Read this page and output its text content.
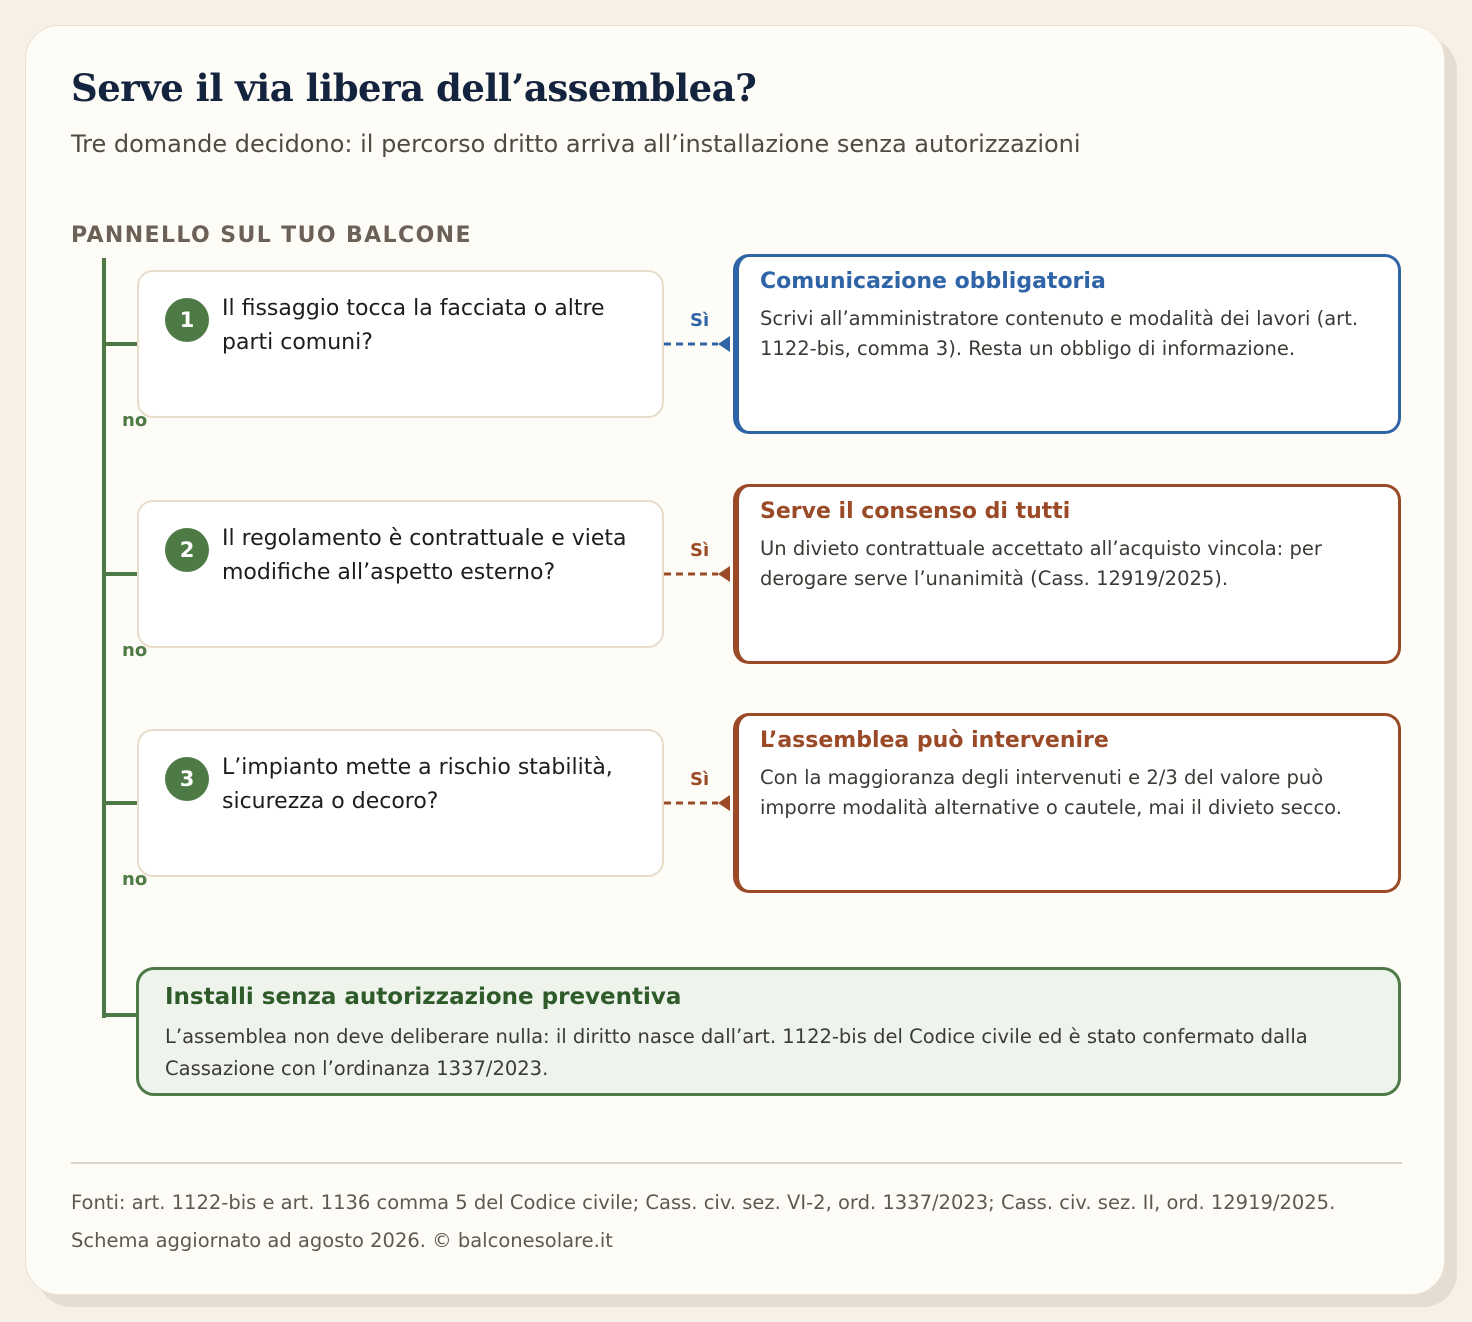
Serve il via libera dell’assemblea?
Tre domande decidono: il percorso dritto arriva all’installazione senza autorizzazioni
PANNELLO SUL TUO BALCONE
1	Il fissaggio tocca la facciata o altre parti comuni?
no
Sì
Comunicazione obbligatoria
Scrivi all’amministratore contenuto e modalità dei lavori (art. 1122-bis, comma 3). Resta un obbligo di informazione.
2	Il regolamento è contrattuale e vieta modifiche all’aspetto esterno?
no
Sì
Serve il consenso di tutti
Un divieto contrattuale accettato all’acquisto vincola: per derogare serve l’unanimità (Cass. 12919/2025).
3	L’impianto mette a rischio stabilità, sicurezza o decoro?
no
Sì
L’assemblea può intervenire
Con la maggioranza degli intervenuti e 2/3 del valore può imporre modalità alternative o cautele, mai il divieto secco.
Installi senza autorizzazione preventiva
L’assemblea non deve deliberare nulla: il diritto nasce dall’art. 1122-bis del Codice civile ed è stato confermato dalla Cassazione con l’ordinanza 1337/2023.
Fonti: art. 1122-bis e art. 1136 comma 5 del Codice civile; Cass. civ. sez. VI-2, ord. 1337/2023; Cass. civ. sez. II, ord. 12919/2025.
Schema aggiornato ad agosto 2026. © balconesolare.it
